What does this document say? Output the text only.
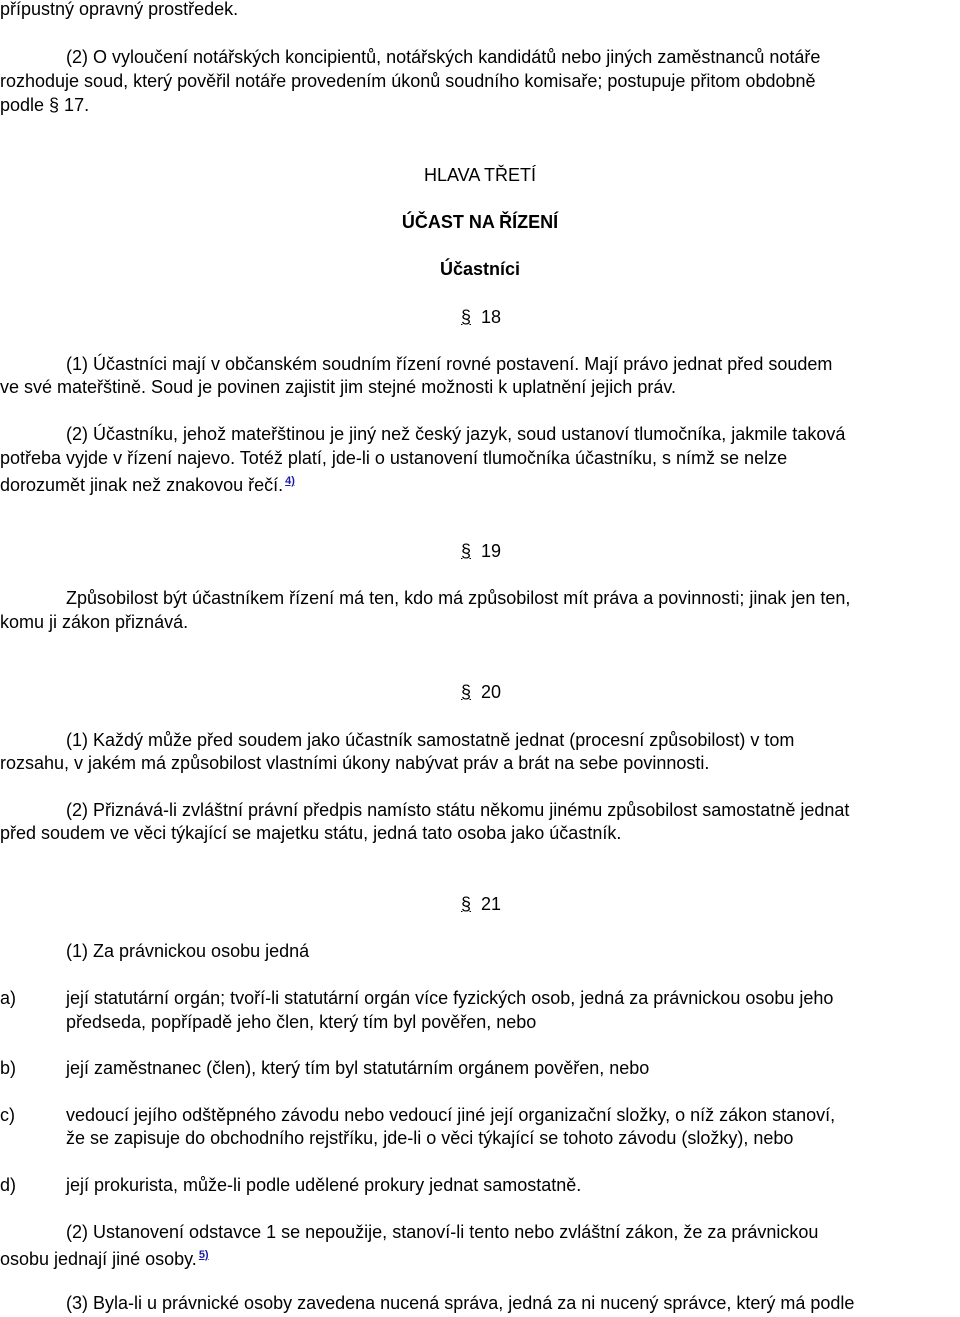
přípustný opravný prostředek.
(2) O vyloučení notářských koncipientů, notářských kandidátů nebo jiných zaměstnanců notáře
rozhoduje soud, který pověřil notáře provedením úkonů soudního komisaře; postupuje přitom obdobně
podle § 17.
HLAVA TŘETÍ
ÚČAST NA ŘÍZENÍ
Účastníci
§ 18
(1) Účastníci mají v občanském soudním řízení rovné postavení. Mají právo jednat před soudem
ve své mateřštině. Soud je povinen zajistit jim stejné možnosti k uplatnění jejich práv.
(2) Účastníku, jehož mateřštinou je jiný než český jazyk, soud ustanoví tlumočníka, jakmile taková
potřeba vyjde v řízení najevo. Totéž platí, jde-li o ustanovení tlumočníka účastníku, s nímž se nelze
dorozumět jinak než znakovou řečí. $^{4)}$
§ 19
Způsobilost být účastníkem řízení má ten, kdo má způsobilost mít práva a povinnosti; jinak jen ten,
komu ji zákon přiznává.
§ 20
(1) Každý může před soudem jako účastník samostatně jednat (procesní způsobilost) v tom
rozsahu, v jakém má způsobilost vlastními úkony nabývat práv a brát na sebe povinnosti.
(2) Přiznává-li zvláštní právní předpis namísto státu někomu jinému způsobilost samostatně jednat
před soudem ve věci týkající se majetku státu, jedná tato osoba jako účastník.
§ 21
(1) Za právnickou osobu jedná
a)	její statutární orgán; tvoří-li statutární orgán více fyzických osob, jedná za právnickou osobu jeho
předseda, popřípadě jeho člen, který tím byl pověřen, nebo
b)	její zaměstnanec (člen), který tím byl statutárním orgánem pověřen, nebo
c)	vedoucí jejího odštěpného závodu nebo vedoucí jiné její organizační složky, o níž zákon stanoví,
že se zapisuje do obchodního rejstříku, jde-li o věci týkající se tohoto závodu (složky), nebo
d)	její prokurista, může-li podle udělené prokury jednat samostatně.
(2) Ustanovení odstavce 1 se nepoužije, stanoví-li tento nebo zvláštní zákon, že za právnickou
osobu jednají jiné osoby. $^{5)}$
(3) Byla-li u právnické osoby zavedena nucená správa, jedná za ni nucený správce, který má podle
